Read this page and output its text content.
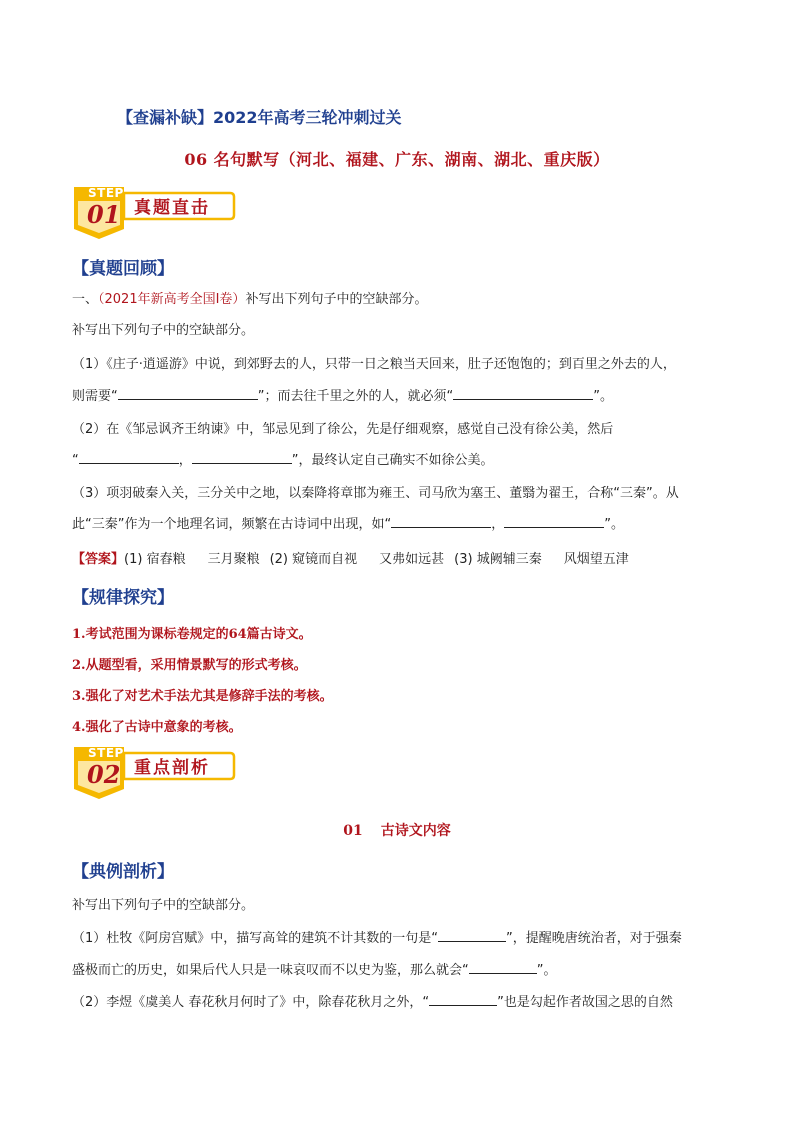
【查漏补缺】2022年高考三轮冲刺过关
06 名句默写（河北、福建、广东、湖南、湖北、重庆版）
STEP
01 真题直击
【真题回顾】
一、（2021年新高考全国I卷）补写出下列句子中的空缺部分。
补写出下列句子中的空缺部分。
（1）《庄子·逍遥游》中说，到郊野去的人，只带一日之粮当天回来，肚子还饱饱的；到百里之外去的人，
则需要“	”；而去往千里之外的人，就必须“	”。
（2）在《邹忌讽齐王纳谏》中，邹忌见到了徐公，先是仔细观察，感觉自己没有徐公美，然后
“	，	”，最终认定自己确实不如徐公美。
（3）项羽破秦入关，三分关中之地，以秦降将章邯为雍王、司马欣为塞王、董翳为翟王，合称“三秦”。从
此“三秦”作为一个地理名词，频繁在古诗词中出现，如“	，	”。
【答案】(1) 宿舂粮 三月聚粮 (2) 窥镜而自视 又弗如远甚 (3) 城阙辅三秦 风烟望五津
【规律探究】
1.考试范围为课标卷规定的64篇古诗文。
2.从题型看，采用情景默写的形式考核。
3.强化了对艺术手法尤其是修辞手法的考核。
4.强化了古诗中意象的考核。
STEP
02 重点剖析
01 古诗文内容
【典例剖析】
补写出下列句子中的空缺部分。
（1）杜牧《阿房宫赋》中，描写高耸的建筑不计其数的一句是“	”，提醒晚唐统治者，对于强秦
盛极而亡的历史，如果后代人只是一味哀叹而不以史为鉴，那么就会“	”。
（2）李煜《虞美人 春花秋月何时了》中，除春花秋月之外，“	”也是勾起作者故国之思的自然
